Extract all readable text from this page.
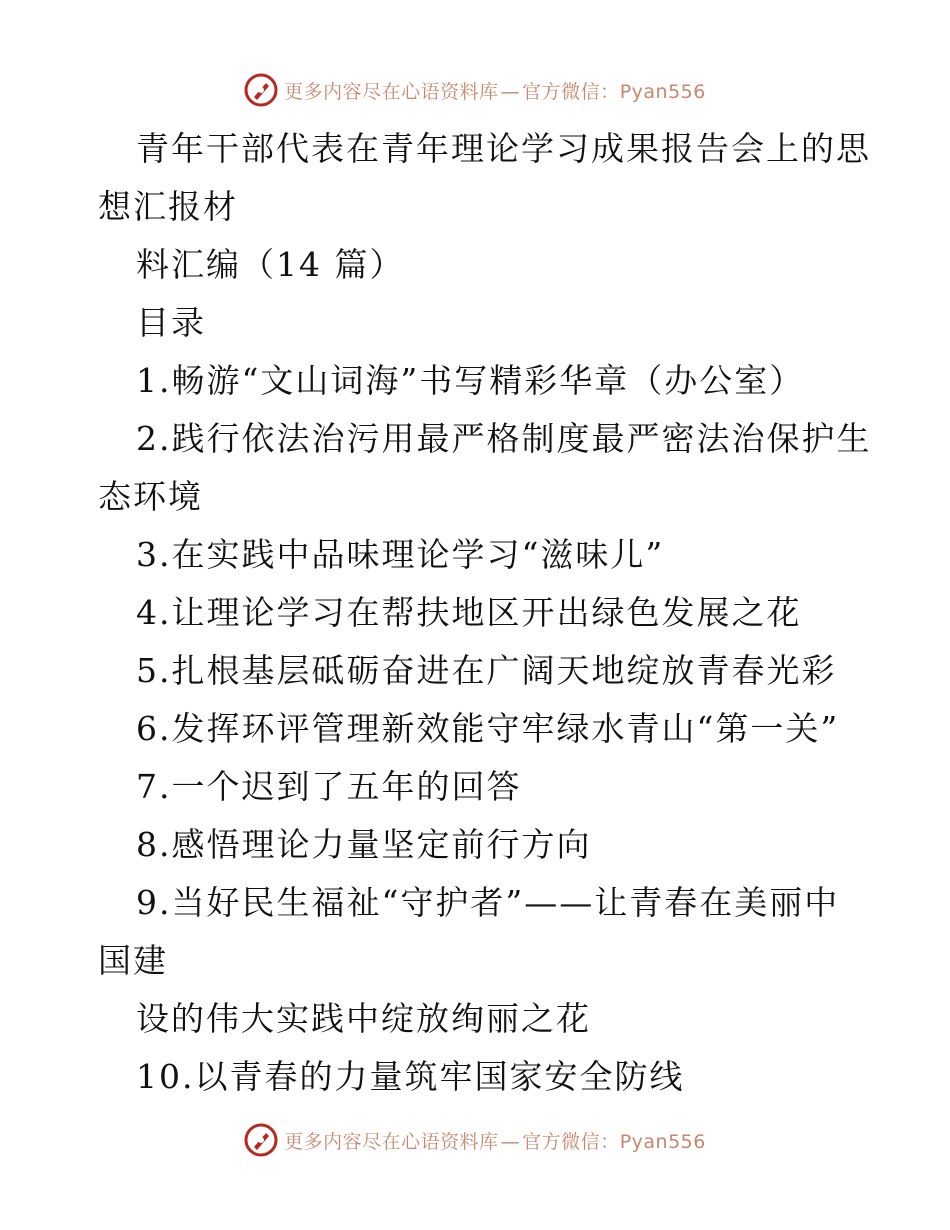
更多内容尽在心语资料库 — 官方微信：Pyan556
青年干部代表在青年理论学习成果报告会上的思
想汇报材
料汇编（14 篇）
目录
1.畅游“文山词海”书写精彩华章（办公室）
2.践行依法治污用最严格制度最严密法治保护生
态环境
3.在实践中品味理论学习“滋味儿”
4.让理论学习在帮扶地区开出绿色发展之花
5.扎根基层砥砺奋进在广阔天地绽放青春光彩
6.发挥环评管理新效能守牢绿水青山“第一关”
7.一个迟到了五年的回答
8.感悟理论力量坚定前行方向
9.当好民生福祉“守护者”——让青春在美丽中
国建
设的伟大实践中绽放绚丽之花
10.以青春的力量筑牢国家安全防线
更多内容尽在心语资料库 — 官方微信：Pyan556
